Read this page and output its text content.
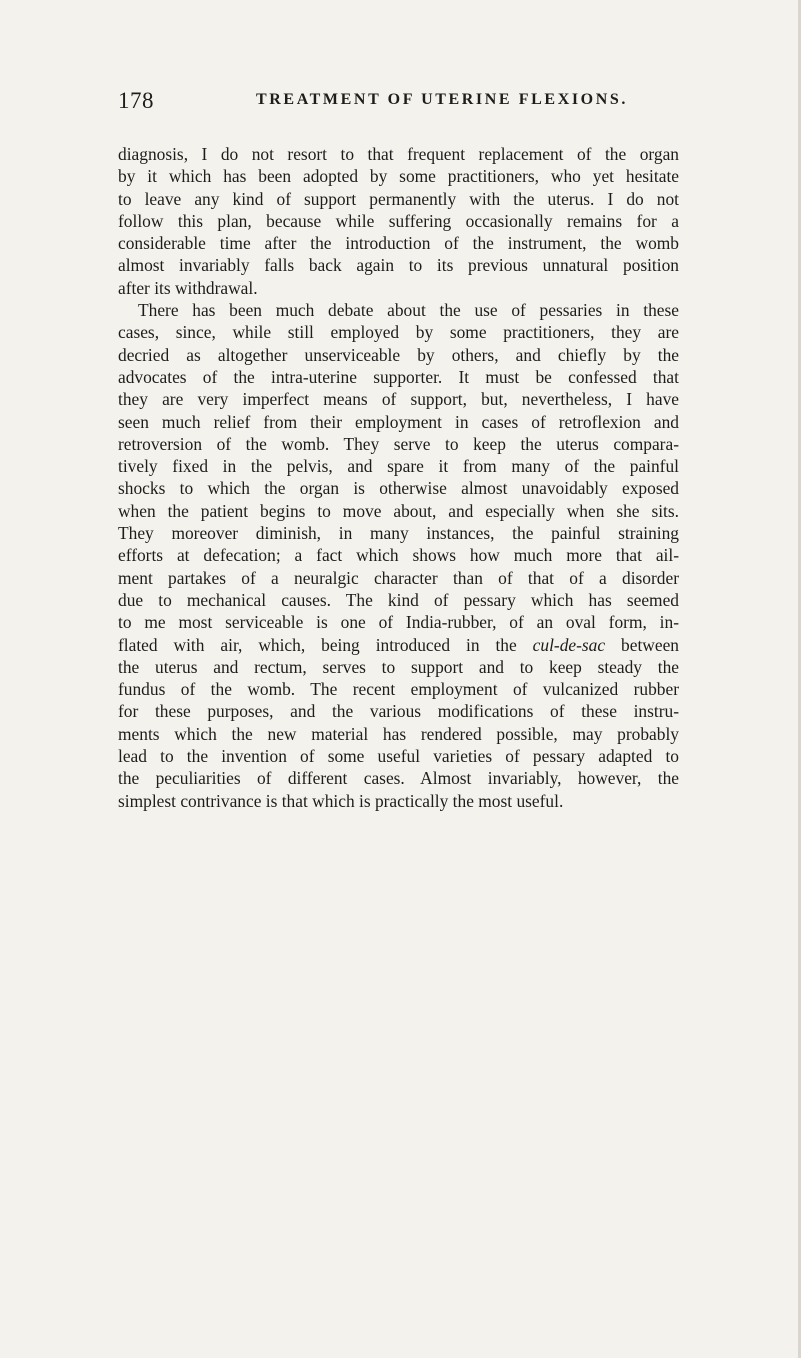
178	TREATMENT OF UTERINE FLEXIONS.
diagnosis, I do not resort to that frequent replacement of the organ
by it which has been adopted by some practitioners, who yet hesitate
to leave any kind of support permanently with the uterus. I do not
follow this plan, because while suffering occasionally remains for a
considerable time after the introduction of the instrument, the womb
almost invariably falls back again to its previous unnatural position
after its withdrawal.
There has been much debate about the use of pessaries in these
cases, since, while still employed by some practitioners, they are
decried as altogether unserviceable by others, and chiefly by the
advocates of the intra-uterine supporter. It must be confessed that
they are very imperfect means of support, but, nevertheless, I have
seen much relief from their employment in cases of retroflexion and
retroversion of the womb. They serve to keep the uterus compara-
tively fixed in the pelvis, and spare it from many of the painful
shocks to which the organ is otherwise almost unavoidably exposed
when the patient begins to move about, and especially when she sits.
They moreover diminish, in many instances, the painful straining
efforts at defecation; a fact which shows how much more that ail-
ment partakes of a neuralgic character than of that of a disorder
due to mechanical causes. The kind of pessary which has seemed
to me most serviceable is one of India-rubber, of an oval form, in-
flated with air, which, being introduced in the cul-de-sac between
the uterus and rectum, serves to support and to keep steady the
fundus of the womb. The recent employment of vulcanized rubber
for these purposes, and the various modifications of these instru-
ments which the new material has rendered possible, may probably
lead to the invention of some useful varieties of pessary adapted to
the peculiarities of different cases. Almost invariably, however, the
simplest contrivance is that which is practically the most useful.
